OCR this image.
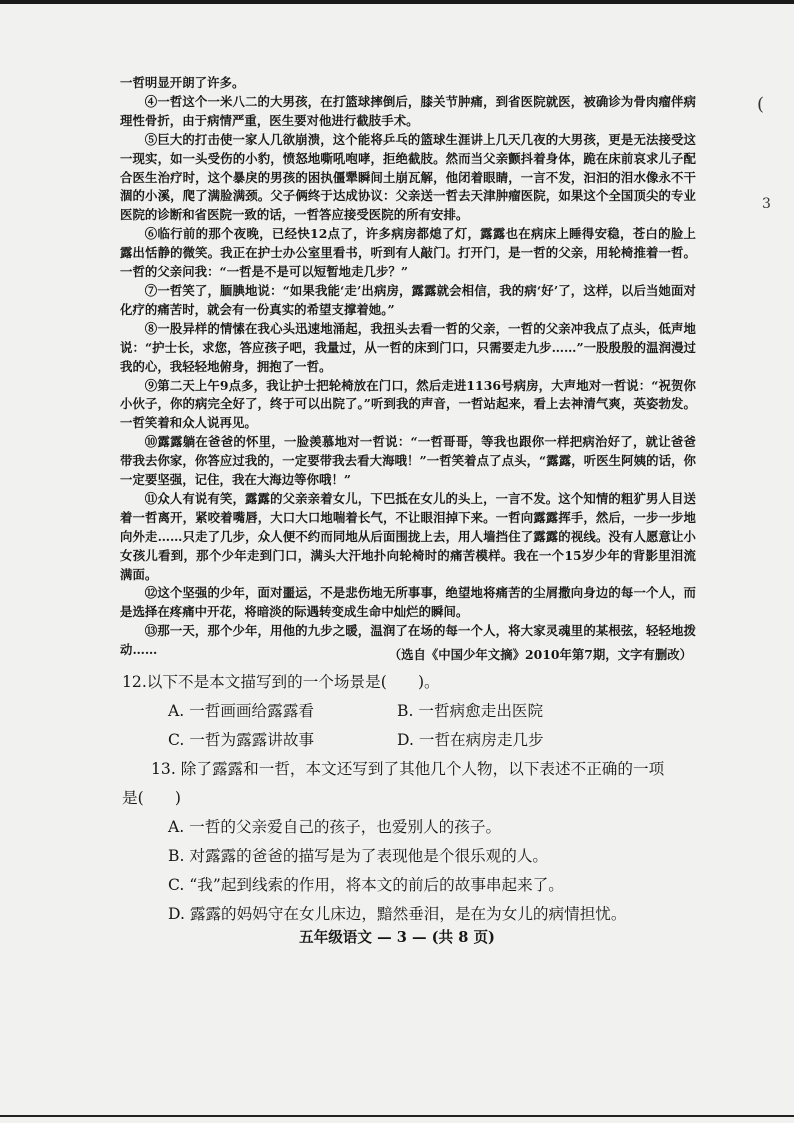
(
3

一哲明显开朗了许多。

④一哲这个一米八二的大男孩，在打篮球摔倒后，膝关节肿痛，到省医院就医，被确诊为骨肉瘤伴病理性骨折，由于病情严重，医生要对他进行截肢手术。

⑤巨大的打击使一家人几欲崩溃，这个能将乒乓的篮球生涯讲上几天几夜的大男孩，更是无法接受这一现实，如一头受伤的小豹，愤怒地嘶吼咆哮，拒绝截肢。然而当父亲颤抖着身体，跪在床前哀求儿子配合医生治疗时，这个暴戾的男孩的困执僵犟瞬间土崩瓦解，他闭着眼睛，一言不发，汩汩的泪水像永不干涸的小溪，爬了满脸满颈。父子俩终于达成协议：父亲送一哲去天津肿瘤医院，如果这个全国顶尖的专业医院的诊断和省医院一致的话，一哲答应接受医院的所有安排。

⑥临行前的那个夜晚，已经快12点了，许多病房都熄了灯，露露也在病床上睡得安稳，苍白的脸上露出恬静的微笑。我正在护士办公室里看书，听到有人敲门。打开门，是一哲的父亲，用轮椅推着一哲。一哲的父亲问我：“一哲是不是可以短暂地走几步？”

⑦一哲笑了，腼腆地说：“如果我能‘走’出病房，露露就会相信，我的病‘好’了，这样，以后当她面对化疗的痛苦时，就会有一份真实的希望支撑着她。”

⑧一股异样的情愫在我心头迅速地涌起，我扭头去看一哲的父亲，一哲的父亲冲我点了点头，低声地说：“护士长，求您，答应孩子吧，我量过，从一哲的床到门口，只需要走九步……”一股殷殷的温润漫过我的心，我轻轻地俯身，拥抱了一哲。

⑨第二天上午9点多，我让护士把轮椅放在门口，然后走进1136号病房，大声地对一哲说：“祝贺你小伙子，你的病完全好了，终于可以出院了。”听到我的声音，一哲站起来，看上去神清气爽，英姿勃发。一哲笑着和众人说再见。

⑩露露躺在爸爸的怀里，一脸羡慕地对一哲说：“一哲哥哥，等我也跟你一样把病治好了，就让爸爸带我去你家，你答应过我的，一定要带我去看大海哦！”一哲笑着点了点头，“露露，听医生阿姨的话，你一定要坚强，记住，我在大海边等你哦！”

⑪众人有说有笑，露露的父亲亲着女儿，下巴抵在女儿的头上，一言不发。这个知情的粗犷男人目送着一哲离开，紧咬着嘴唇，大口大口地喘着长气，不让眼泪掉下来。一哲向露露挥手，然后，一步一步地向外走……只走了几步，众人便不约而同地从后面围拢上去，用人墙挡住了露露的视线。没有人愿意让小女孩儿看到，那个少年走到门口，满头大汗地扑向轮椅时的痛苦模样。我在一个15岁少年的背影里泪流满面。

⑫这个坚强的少年，面对噩运，不是悲伤地无所事事，绝望地将痛苦的尘屑撒向身边的每一个人，而是选择在疼痛中开花，将暗淡的际遇转变成生命中灿烂的瞬间。

⑬那一天，那个少年，用他的九步之暖，温润了在场的每一个人，将大家灵魂里的某根弦，轻轻地拨动……	（选自《中国少年文摘》2010年第7期，文字有删改）

12.以下不是本文描写到的一个场景是(　　)。

A. 一哲画画给露露看	B. 一哲病愈走出医院
C. 一哲为露露讲故事	D. 一哲在病房走几步

13. 除了露露和一哲，本文还写到了其他几个人物，以下表述不正确的一项

是(　　)

A. 一哲的父亲爱自己的孩子，也爱别人的孩子。

B. 对露露的爸爸的描写是为了表现他是个很乐观的人。

C. “我”起到线索的作用，将本文的前后的故事串起来了。

D. 露露的妈妈守在女儿床边，黯然垂泪，是在为女儿的病情担忧。

五年级语文 — 3 — (共 8 页)
